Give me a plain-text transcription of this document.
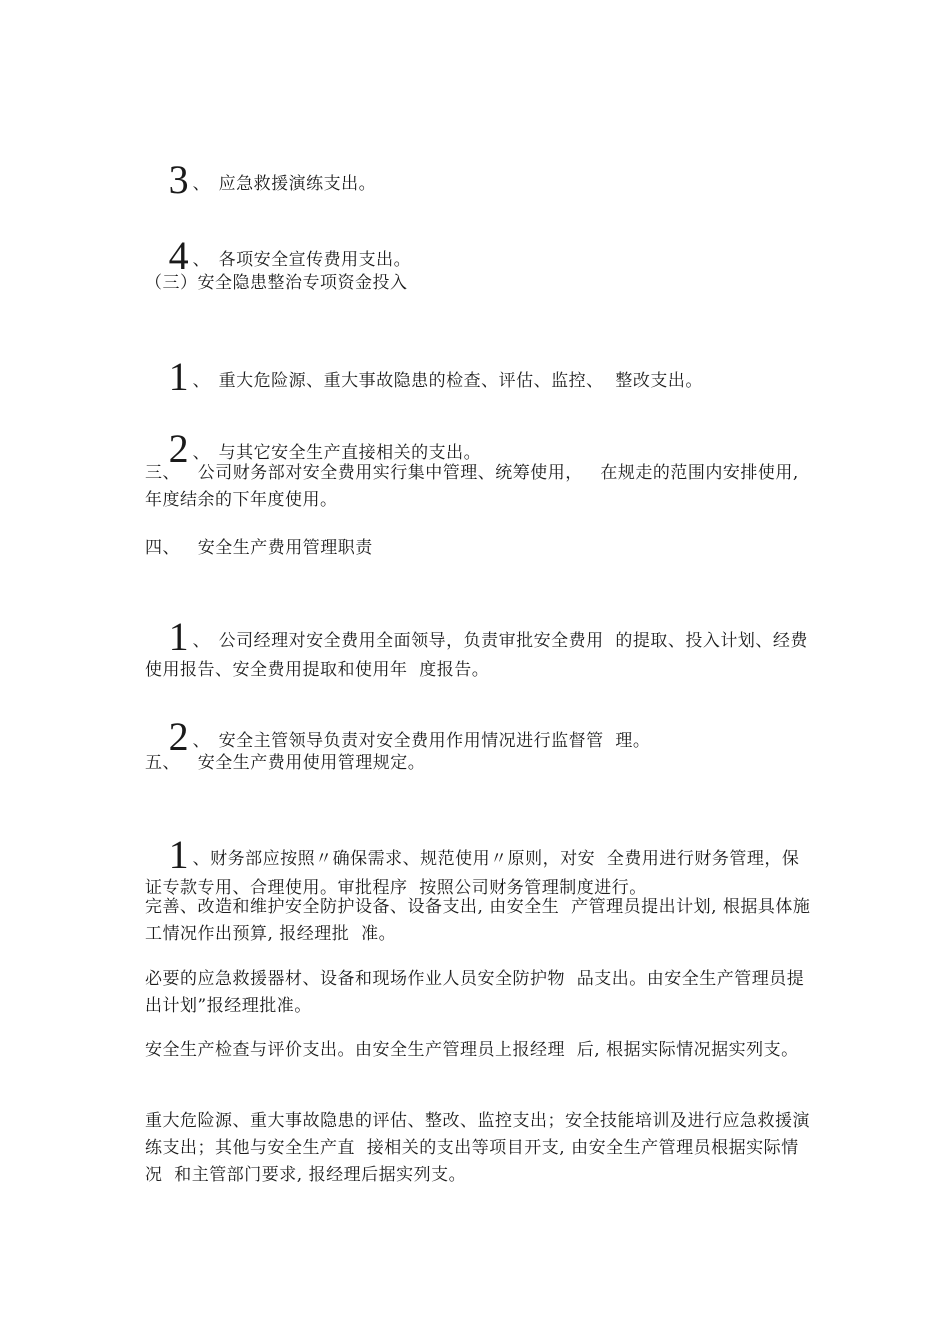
3 、 应急救援演练支出。

4 、 各项安全宣传费用支出。

（三）安全隐患整治专项资金投入

1 、 重大危险源、重大事故隐患的检查、评估、监控、  整改支出。

2 、 与其它安全生产直接相关的支出。

三、   公司财务部对安全费用实行集中管理、统筹使用，   在规走的范围内安排使用, 年度结余的下年度使用。
四、   安全生产费用管理职责

1 、 公司经理对安全费用全面领导，负责审批安全费用  的提取、投入计划、经费使用报告、安全费用提取和使用年  度报告。

2 、 安全主管领导负责对安全费用作用情况进行监督管  理。

五、   安全生产费用使用管理规定。

1 、财务部应按照〃确保需求、规范使用〃原则，对安  全费用进行财务管理，保证专款专用、合理使用。审批程序  按照公司财务管理制度进行。

完善、改造和维护安全防护设备、设备支出, 由安全生  产管理员提出计划, 根据具体施工情况作出预算, 报经理批  准。
必要的应急救援器材、设备和现场作业人员安全防护物  品支出。由安全生产管理员提出计划”报经理批准。
安全生产检查与评价支出。由安全生产管理员上报经理  后, 根据实际情况据实列支。
重大危险源、重大事故隐患的评估、整改、监控支出；安全技能培训及进行应急救援演练支出；其他与安全生产直  接相关的支出等项目开支, 由安全生产管理员根据实际情况  和主管部门要求, 报经理后据实列支。
